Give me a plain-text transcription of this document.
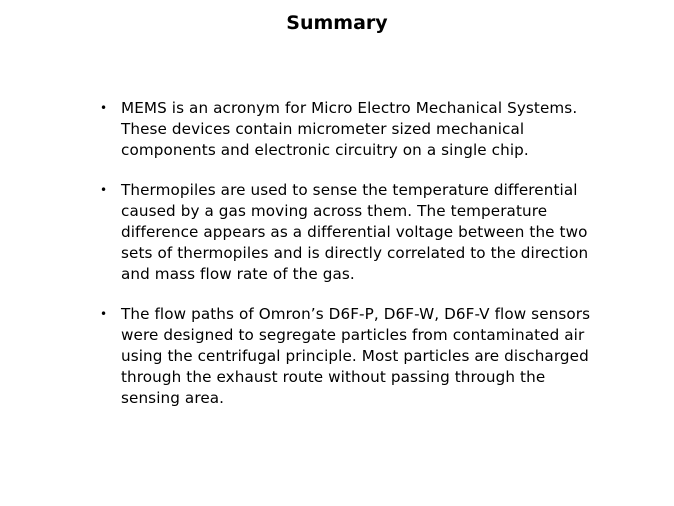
Summary
• MEMS is an acronym for Micro Electro Mechanical Systems. These devices contain micrometer sized mechanical components and electronic circuitry on a single chip.
• Thermopiles are used to sense the temperature differential caused by a gas moving across them. The temperature difference appears as a differential voltage between the two sets of thermopiles and is directly correlated to the direction and mass flow rate of the gas.
• The flow paths of Omron’s D6F-P, D6F-W, D6F-V flow sensors were designed to segregate particles from contaminated air using the centrifugal principle. Most particles are discharged through the exhaust route without passing through the sensing area.
